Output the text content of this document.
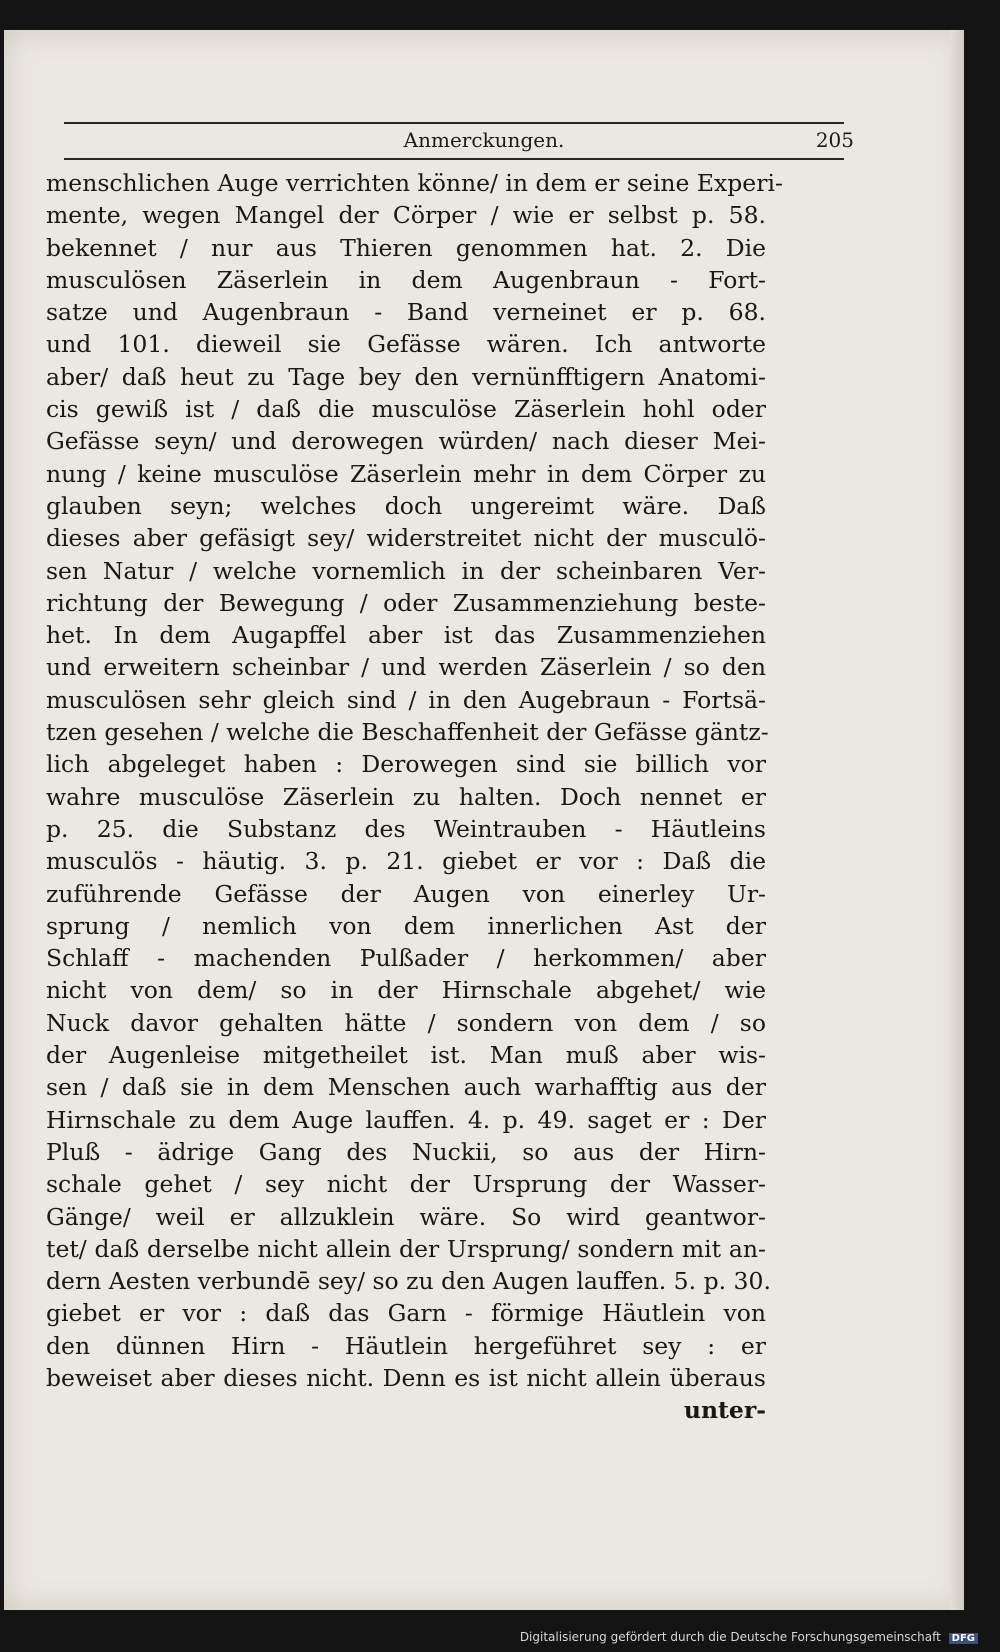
Anmerckungen.	205
menschlichen Auge verrichten könne/ in dem er seine Experi-
mente, wegen Mangel der Cörper / wie er selbst p. 58.
bekennet / nur aus Thieren genommen hat. 2. Die
musculösen Zäserlein in dem Augenbraun - Fort-
satze und Augenbraun - Band verneinet er p. 68.
und 101. dieweil sie Gefässe wären. Ich antworte
aber/ daß heut zu Tage bey den vernünfftigern Anatomi-
cis gewiß ist / daß die musculöse Zäserlein hohl oder
Gefässe seyn/ und derowegen würden/ nach dieser Mei-
nung / keine musculöse Zäserlein mehr in dem Cörper zu
glauben seyn; welches doch ungereimt wäre. Daß
dieses aber gefäsigt sey/ widerstreitet nicht der musculö-
sen Natur / welche vornemlich in der scheinbaren Ver-
richtung der Bewegung / oder Zusammenziehung beste-
het. In dem Augapffel aber ist das Zusammenziehen
und erweitern scheinbar / und werden Zäserlein / so den
musculösen sehr gleich sind / in den Augebraun - Fortsä-
tzen gesehen / welche die Beschaffenheit der Gefässe gäntz-
lich abgeleget haben : Derowegen sind sie billich vor
wahre musculöse Zäserlein zu halten. Doch nennet er
p. 25. die Substanz des Weintrauben - Häutleins
musculös - häutig. 3. p. 21. giebet er vor : Daß die
zuführende Gefässe der Augen von einerley Ur-
sprung / nemlich von dem innerlichen Ast der
Schlaff - machenden Pulßader / herkommen/ aber
nicht von dem/ so in der Hirnschale abgehet/ wie
Nuck davor gehalten hätte / sondern von dem / so
der Augenleise mitgetheilet ist. Man muß aber wis-
sen / daß sie in dem Menschen auch warhafftig aus der
Hirnschale zu dem Auge lauffen. 4. p. 49. saget er : Der
Pluß - ädrige Gang des Nuckii, so aus der Hirn-
schale gehet / sey nicht der Ursprung der Wasser-
Gänge/ weil er allzuklein wäre. So wird geantwor-
tet/ daß derselbe nicht allein der Ursprung/ sondern mit an-
dern Aesten verbundē sey/ so zu den Augen lauffen. 5. p. 30.
giebet er vor : daß das Garn - förmige Häutlein von
den dünnen Hirn - Häutlein hergeführet sey : er
beweiset aber dieses nicht. Denn es ist nicht allein überaus
unter-
Digitalisierung gefördert durch die Deutsche Forschungsgemeinschaft DFG
